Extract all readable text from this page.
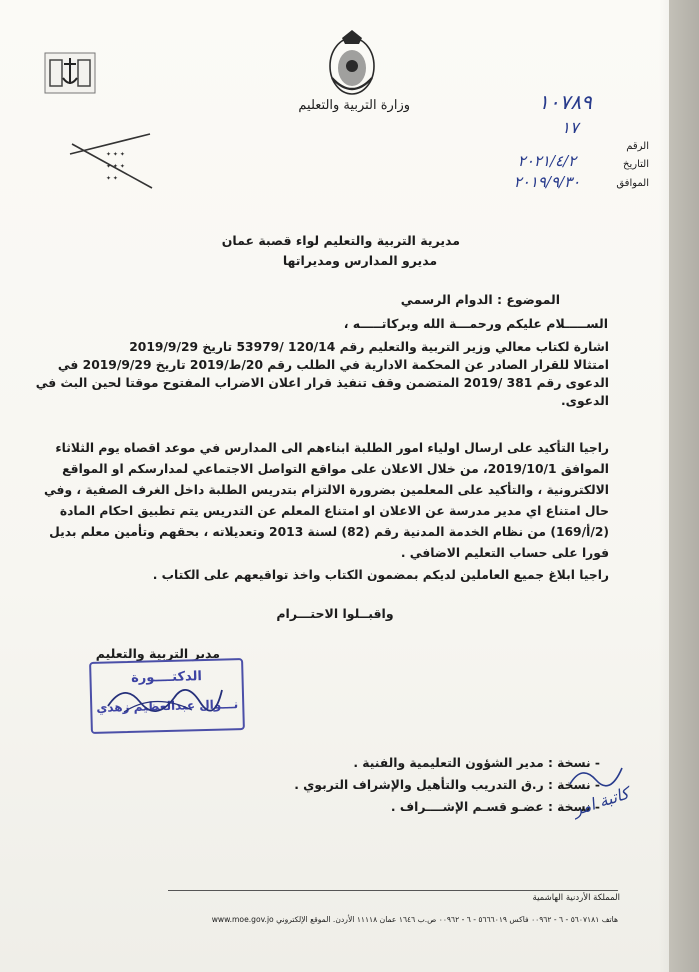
وزارة التربية والتعليم
✦ ✦ ✦
✦ ✦ ✦
✦ ✦
الرقم
التاريخ
الموافق
١٠٧٨٩
١٧
٢٠٢١/٤/٢
٢٠١٩/٩/٣٠
مديرية التربية والتعليم لواء قصبة عمان
مديرو المدارس ومديراتها
الموضوع : الدوام الرسمي
الســـــلام عليكم ورحمـــة الله وبركاتـــــه ،
اشارة لكتاب معالي وزير التربية والتعليم رقم 120/14 /53979 تاريخ 2019/9/29
امتثالا للقرار الصادر عن المحكمة الادارية في الطلب رقم 20/ط/2019 تاريخ 2019/9/29 في
الدعوى رقم 381 /2019 المتضمن وقف تنفيذ قرار اعلان الاضراب المفتوح موقتا لحين البث في
الدعوى.
راجيا التأكيد على ارسال اولياء امور الطلبة ابناءهم الى المدارس في موعد اقصاه يوم الثلاثاء
الموافق 2019/10/1، من خلال الاعلان على مواقع التواصل الاجتماعي لمدارسكم او المواقع
الالكترونية ، والتأكيد على المعلمين بضرورة الالتزام بتدريس الطلبة داخل الغرف الصفية ، وفي
حال امتناع اي مدير مدرسة عن الاعلان او امتناع المعلم عن التدريس يتم تطبيق احكام المادة
(2/أ/169) من نظام الخدمة المدنية رقم (82) لسنة 2013 وتعديلاته ، بحقهم وتأمين معلم بديل
فورا على حساب التعليم الاضافي .
راجيا ابلاغ جميع العاملين لديكم بمضمون الكتاب واخذ تواقيعهم على الكتاب .
واقبــلوا الاحتـــرام
مدير التربية والتعليم
الدكتــــورة
نـــوال عبدالعظيم زهدي
- نسخة : مدير الشؤون التعليمية والفنية .
- نسخة : ر.ق التدريب والتأهيل والإشراف التربوي .
- نسخة : عضـو قسـم الإشــــراف .
كاتبة امر
المملكة الأردنية الهاشمية
هاتف ٥٦٠٧١٨١ - ٦ - ٠٠٩٦٢ فاكس ٥٦٦٦٠١٩ - ٦ - ٠٠٩٦٢ ص.ب ١٦٤٦ عمان ١١١١٨ الأردن. الموقع الإلكتروني www.moe.gov.jo
